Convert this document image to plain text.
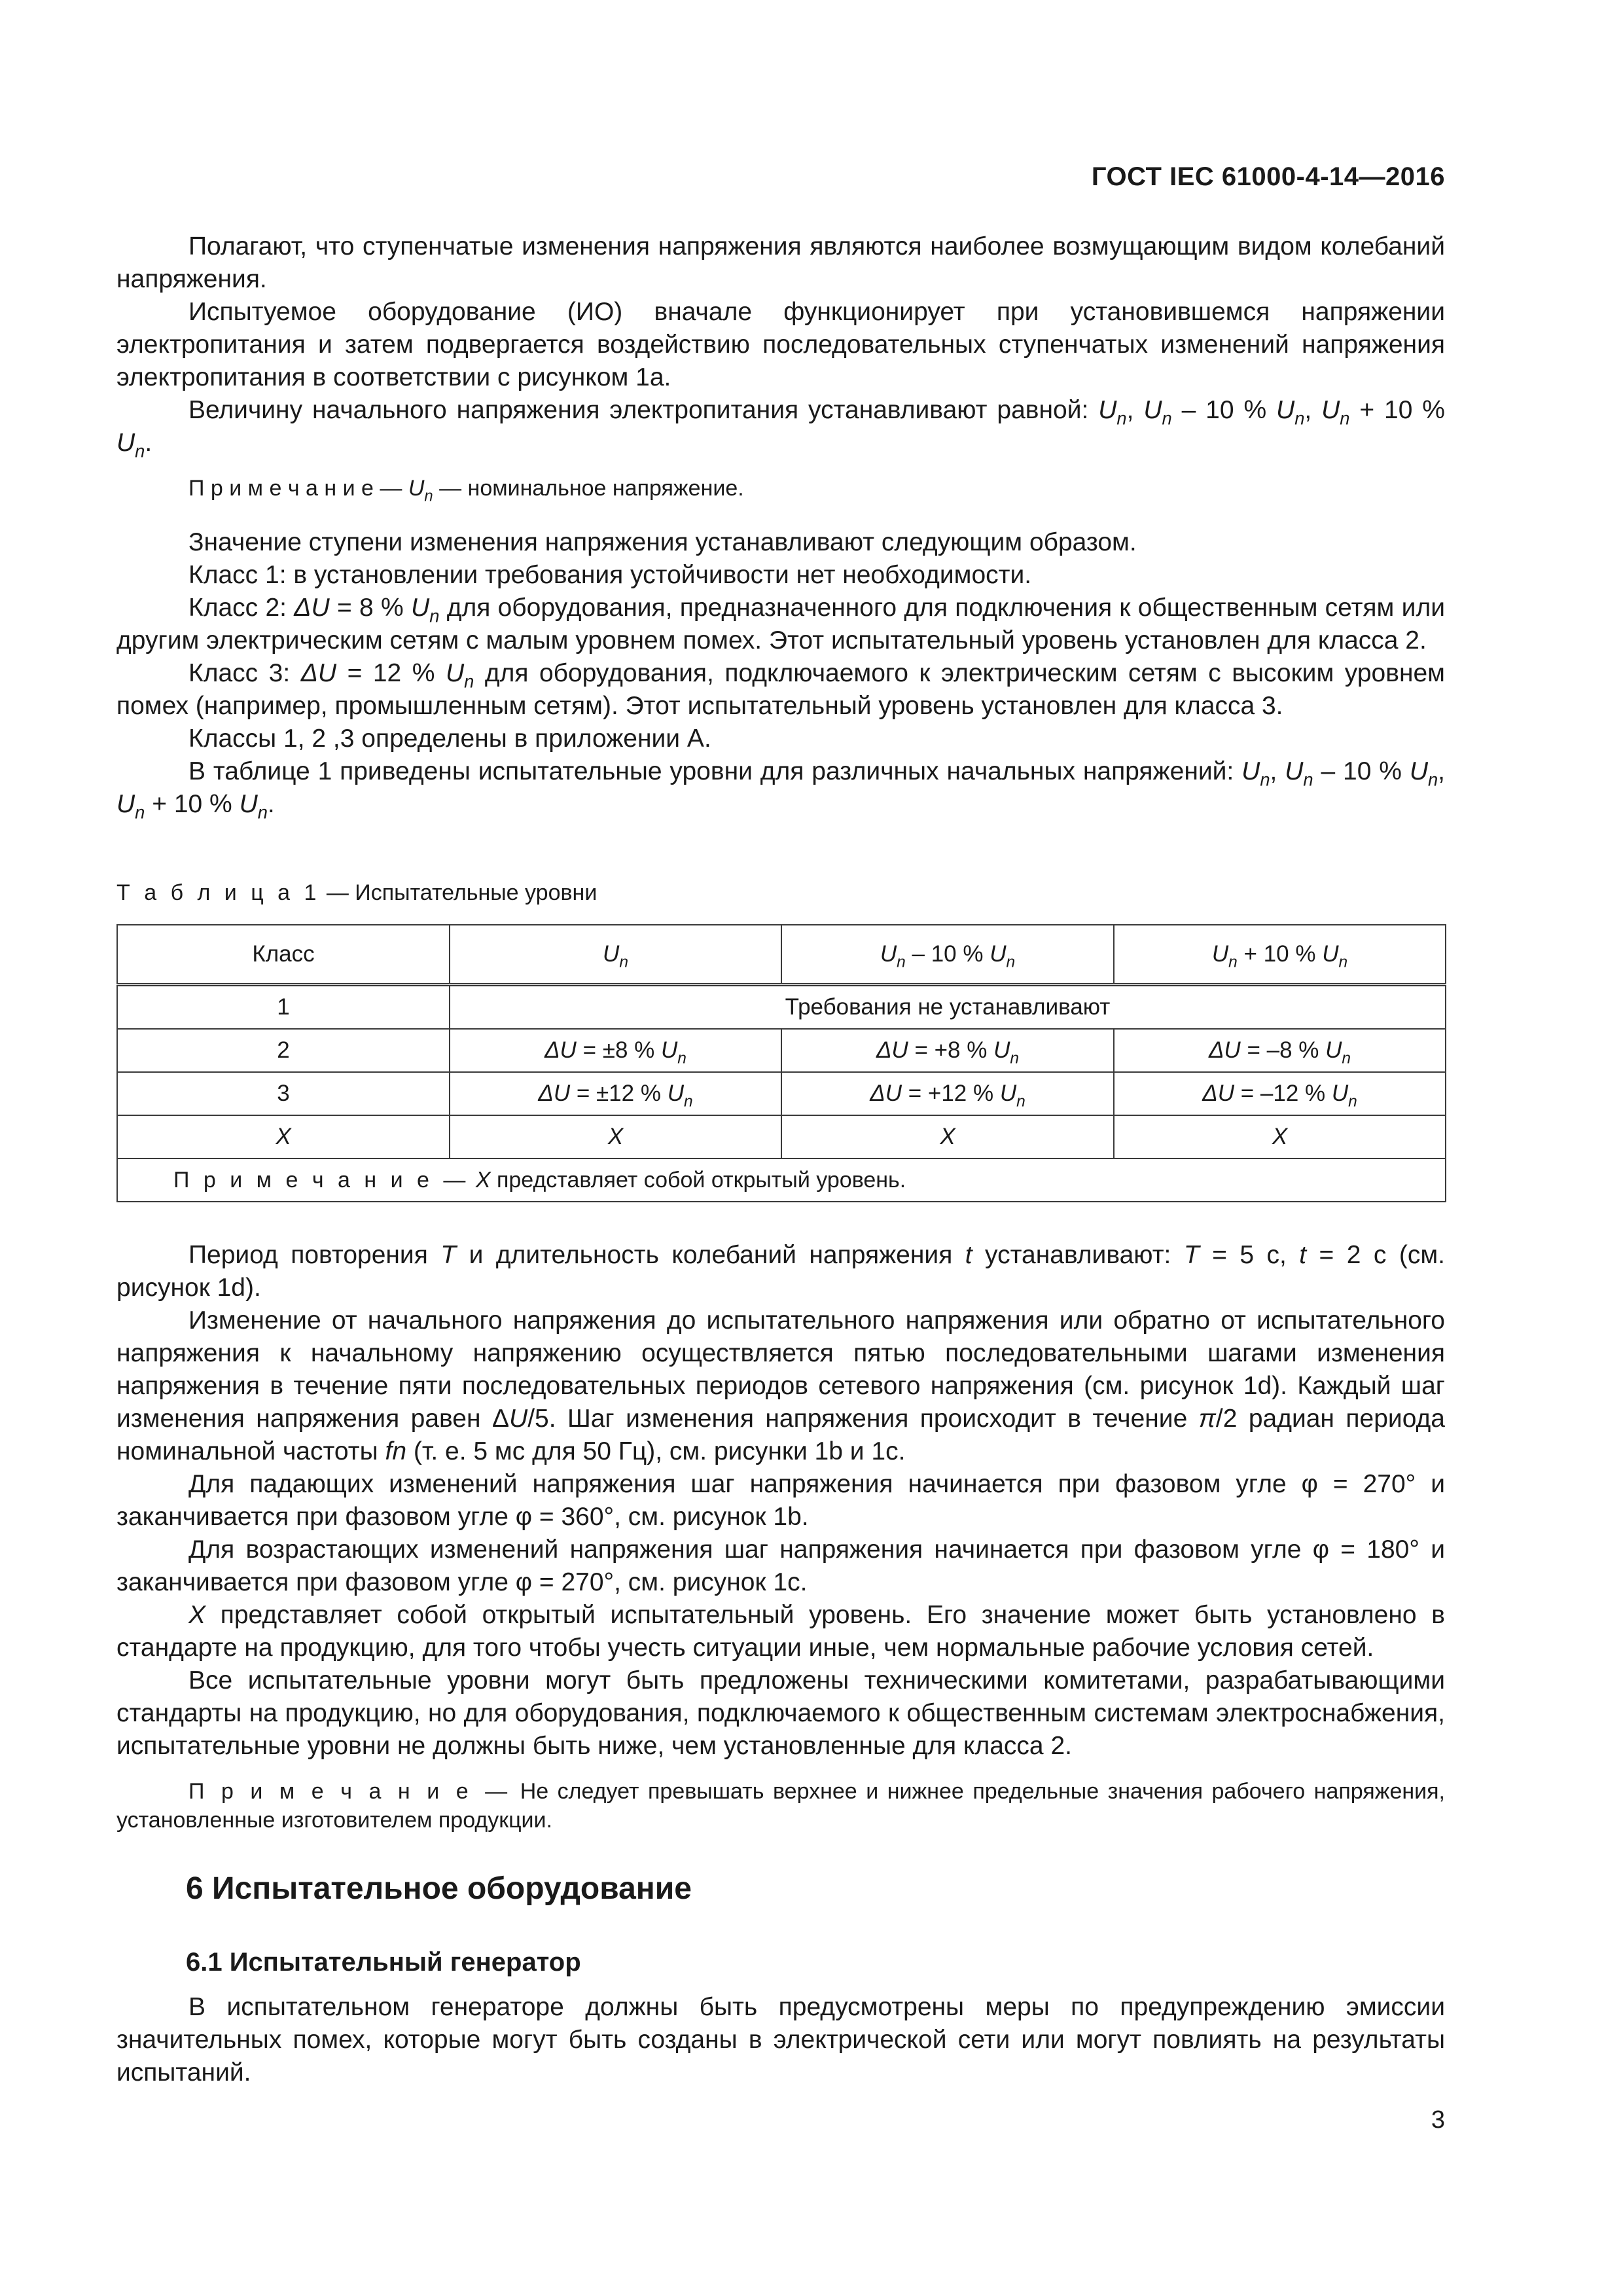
ГОСТ IEC 61000-4-14—2016

Полагают, что ступенчатые изменения напряжения являются наиболее возмущающим видом колебаний напряжения.

Испытуемое оборудование (ИО) вначале функционирует при установившемся напряжении электропитания и затем подвергается воздействию последовательных ступенчатых изменений напряжения электропитания в соответствии с рисунком 1а.

Величину начального напряжения электропитания устанавливают равной: $U_n$, $U_n - 10$ % $U_n$, $U_n + 10$ % $U_n$.

П р и м е ч а н и е — $U_n$ — номинальное напряжение.

Значение ступени изменения напряжения устанавливают следующим образом.

Класс 1: в установлении требования устойчивости нет необходимости.

Класс 2: ΔU = 8 % $U_n$ для оборудования, предназначенного для подключения к общественным сетям или другим электрическим сетям с малым уровнем помех. Этот испытательный уровень установлен для класса 2.

Класс 3: ΔU = 12 % $U_n$ для оборудования, подключаемого к электрическим сетям с высоким уровнем помех (например, промышленным сетям). Этот испытательный уровень установлен для класса 3.

Классы 1, 2 ,3 определены в приложении А.

В таблице 1 приведены испытательные уровни для различных начальных напряжений: $U_n$, $U_n - 10$ % $U_n$, $U_n + 10$ % $U_n$.

Т а б л и ц а 1 — Испытательные уровни
Класс	$U_n$	$U_n - 10$ % $U_n$	$U_n + 10$ % $U_n$
1	Требования не устанавливают		
2	ΔU = ±8 % $U_n$	ΔU = +8 % $U_n$	ΔU = –8 % $U_n$
3	ΔU = ±12 % $U_n$	ΔU = +12 % $U_n$	ΔU = –12 % $U_n$
X	X	X	X
П р и м е ч а н и е — X представляет собой открытый уровень.			

Период повторения T и длительность колебаний напряжения t устанавливают: T = 5 с, t = 2 с (см. рисунок 1d).

Изменение от начального напряжения до испытательного напряжения или обратно от испытательного напряжения к начальному напряжению осуществляется пятью последовательными шагами изменения напряжения в течение пяти последовательных периодов сетевого напряжения (см. рисунок 1d). Каждый шаг изменения напряжения равен ΔU/5. Шаг изменения напряжения происходит в течение π/2 радиан периода номинальной частоты fn (т. е. 5 мс для 50 Гц), см. рисунки 1b и 1c.

Для падающих изменений напряжения шаг напряжения начинается при фазовом угле φ = 270° и заканчивается при фазовом угле φ = 360°, см. рисунок 1b.

Для возрастающих изменений напряжения шаг напряжения начинается при фазовом угле φ = 180° и заканчивается при фазовом угле φ = 270°, см. рисунок 1с.

X представляет собой открытый испытательный уровень. Его значение может быть установлено в стандарте на продукцию, для того чтобы учесть ситуации иные, чем нормальные рабочие условия сетей.

Все испытательные уровни могут быть предложены техническими комитетами, разрабатывающими стандарты на продукцию, но для оборудования, подключаемого к общественным системам электроснабжения, испытательные уровни не должны быть ниже, чем установленные для класса 2.

П р и м е ч а н и е — Не следует превышать верхнее и нижнее предельные значения рабочего напряжения, установленные изготовителем продукции.

6 Испытательное оборудование
6.1 Испытательный генератор

В испытательном генераторе должны быть предусмотрены меры по предупреждению эмиссии значительных помех, которые могут быть созданы в электрической сети или могут повлиять на результаты испытаний.

3
